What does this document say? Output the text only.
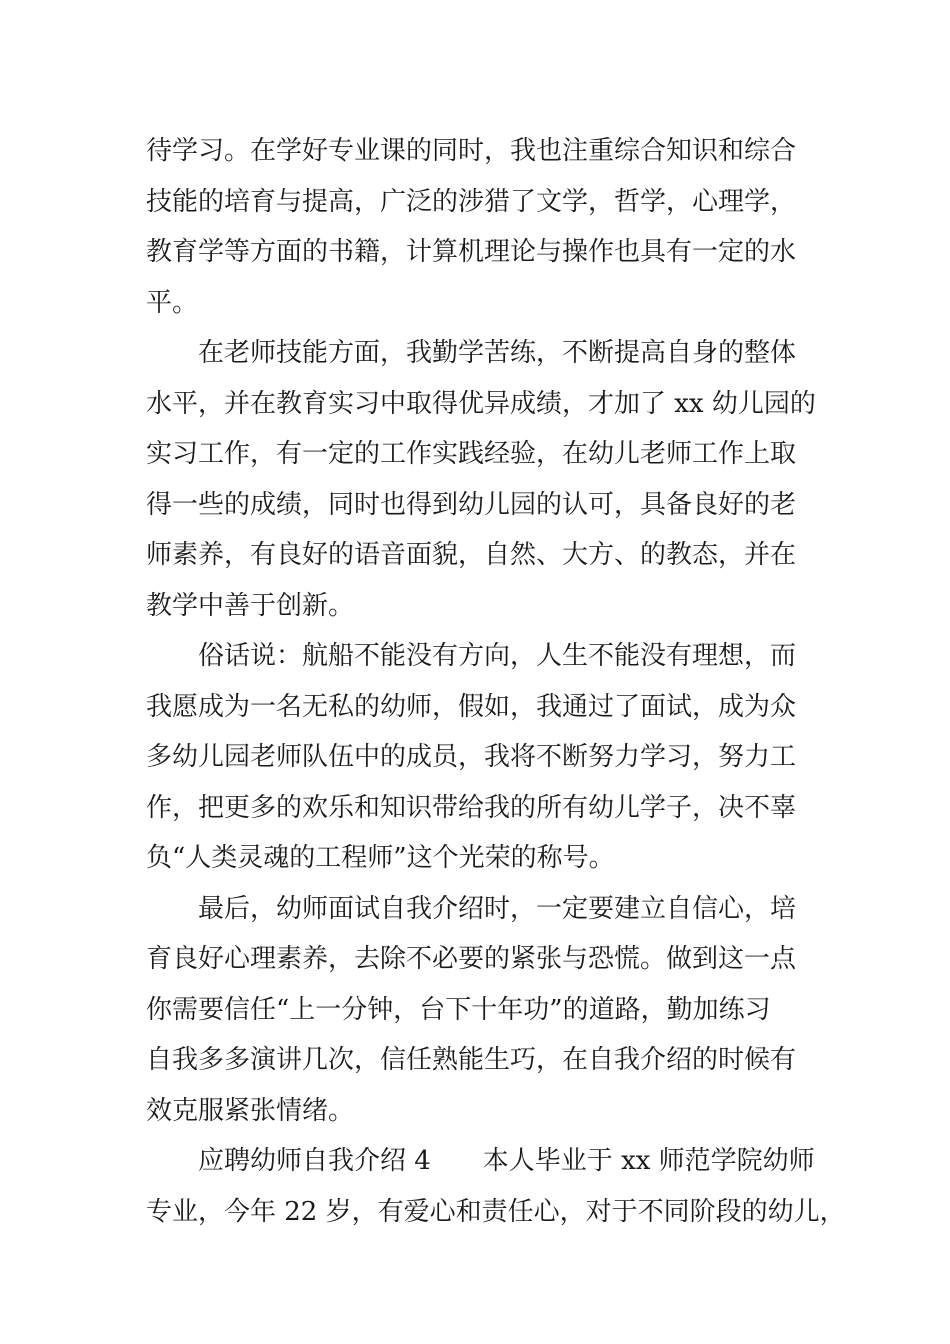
待学习。在学好专业课的同时，我也注重综合知识和综合
技能的培育与提高，广泛的涉猎了文学，哲学，心理学，
教育学等方面的书籍，计算机理论与操作也具有一定的水
平。
　　在老师技能方面，我勤学苦练，不断提高自身的整体
水平，并在教育实习中取得优异成绩，才加了 xx 幼儿园的
实习工作，有一定的工作实践经验，在幼儿老师工作上取
得一些的成绩，同时也得到幼儿园的认可，具备良好的老
师素养，有良好的语音面貌，自然、大方、的教态，并在
教学中善于创新。
　　俗话说：航船不能没有方向，人生不能没有理想，而
我愿成为一名无私的幼师，假如，我通过了面试，成为众
多幼儿园老师队伍中的成员，我将不断努力学习，努力工
作，把更多的欢乐和知识带给我的所有幼儿学子，决不辜
负“人类灵魂的工程师”这个光荣的称号。
　　最后，幼师面试自我介绍时，一定要建立自信心，培
育良好心理素养，去除不必要的紧张与恐慌。做到这一点
你需要信任“上一分钟，台下十年功”的道路，勤加练习
自我多多演讲几次，信任熟能生巧，在自我介绍的时候有
效克服紧张情绪。
　　应聘幼师自我介绍 4　　本人毕业于 xx 师范学院幼师
专业，今年 22 岁，有爱心和责任心，对于不同阶段的幼儿，
